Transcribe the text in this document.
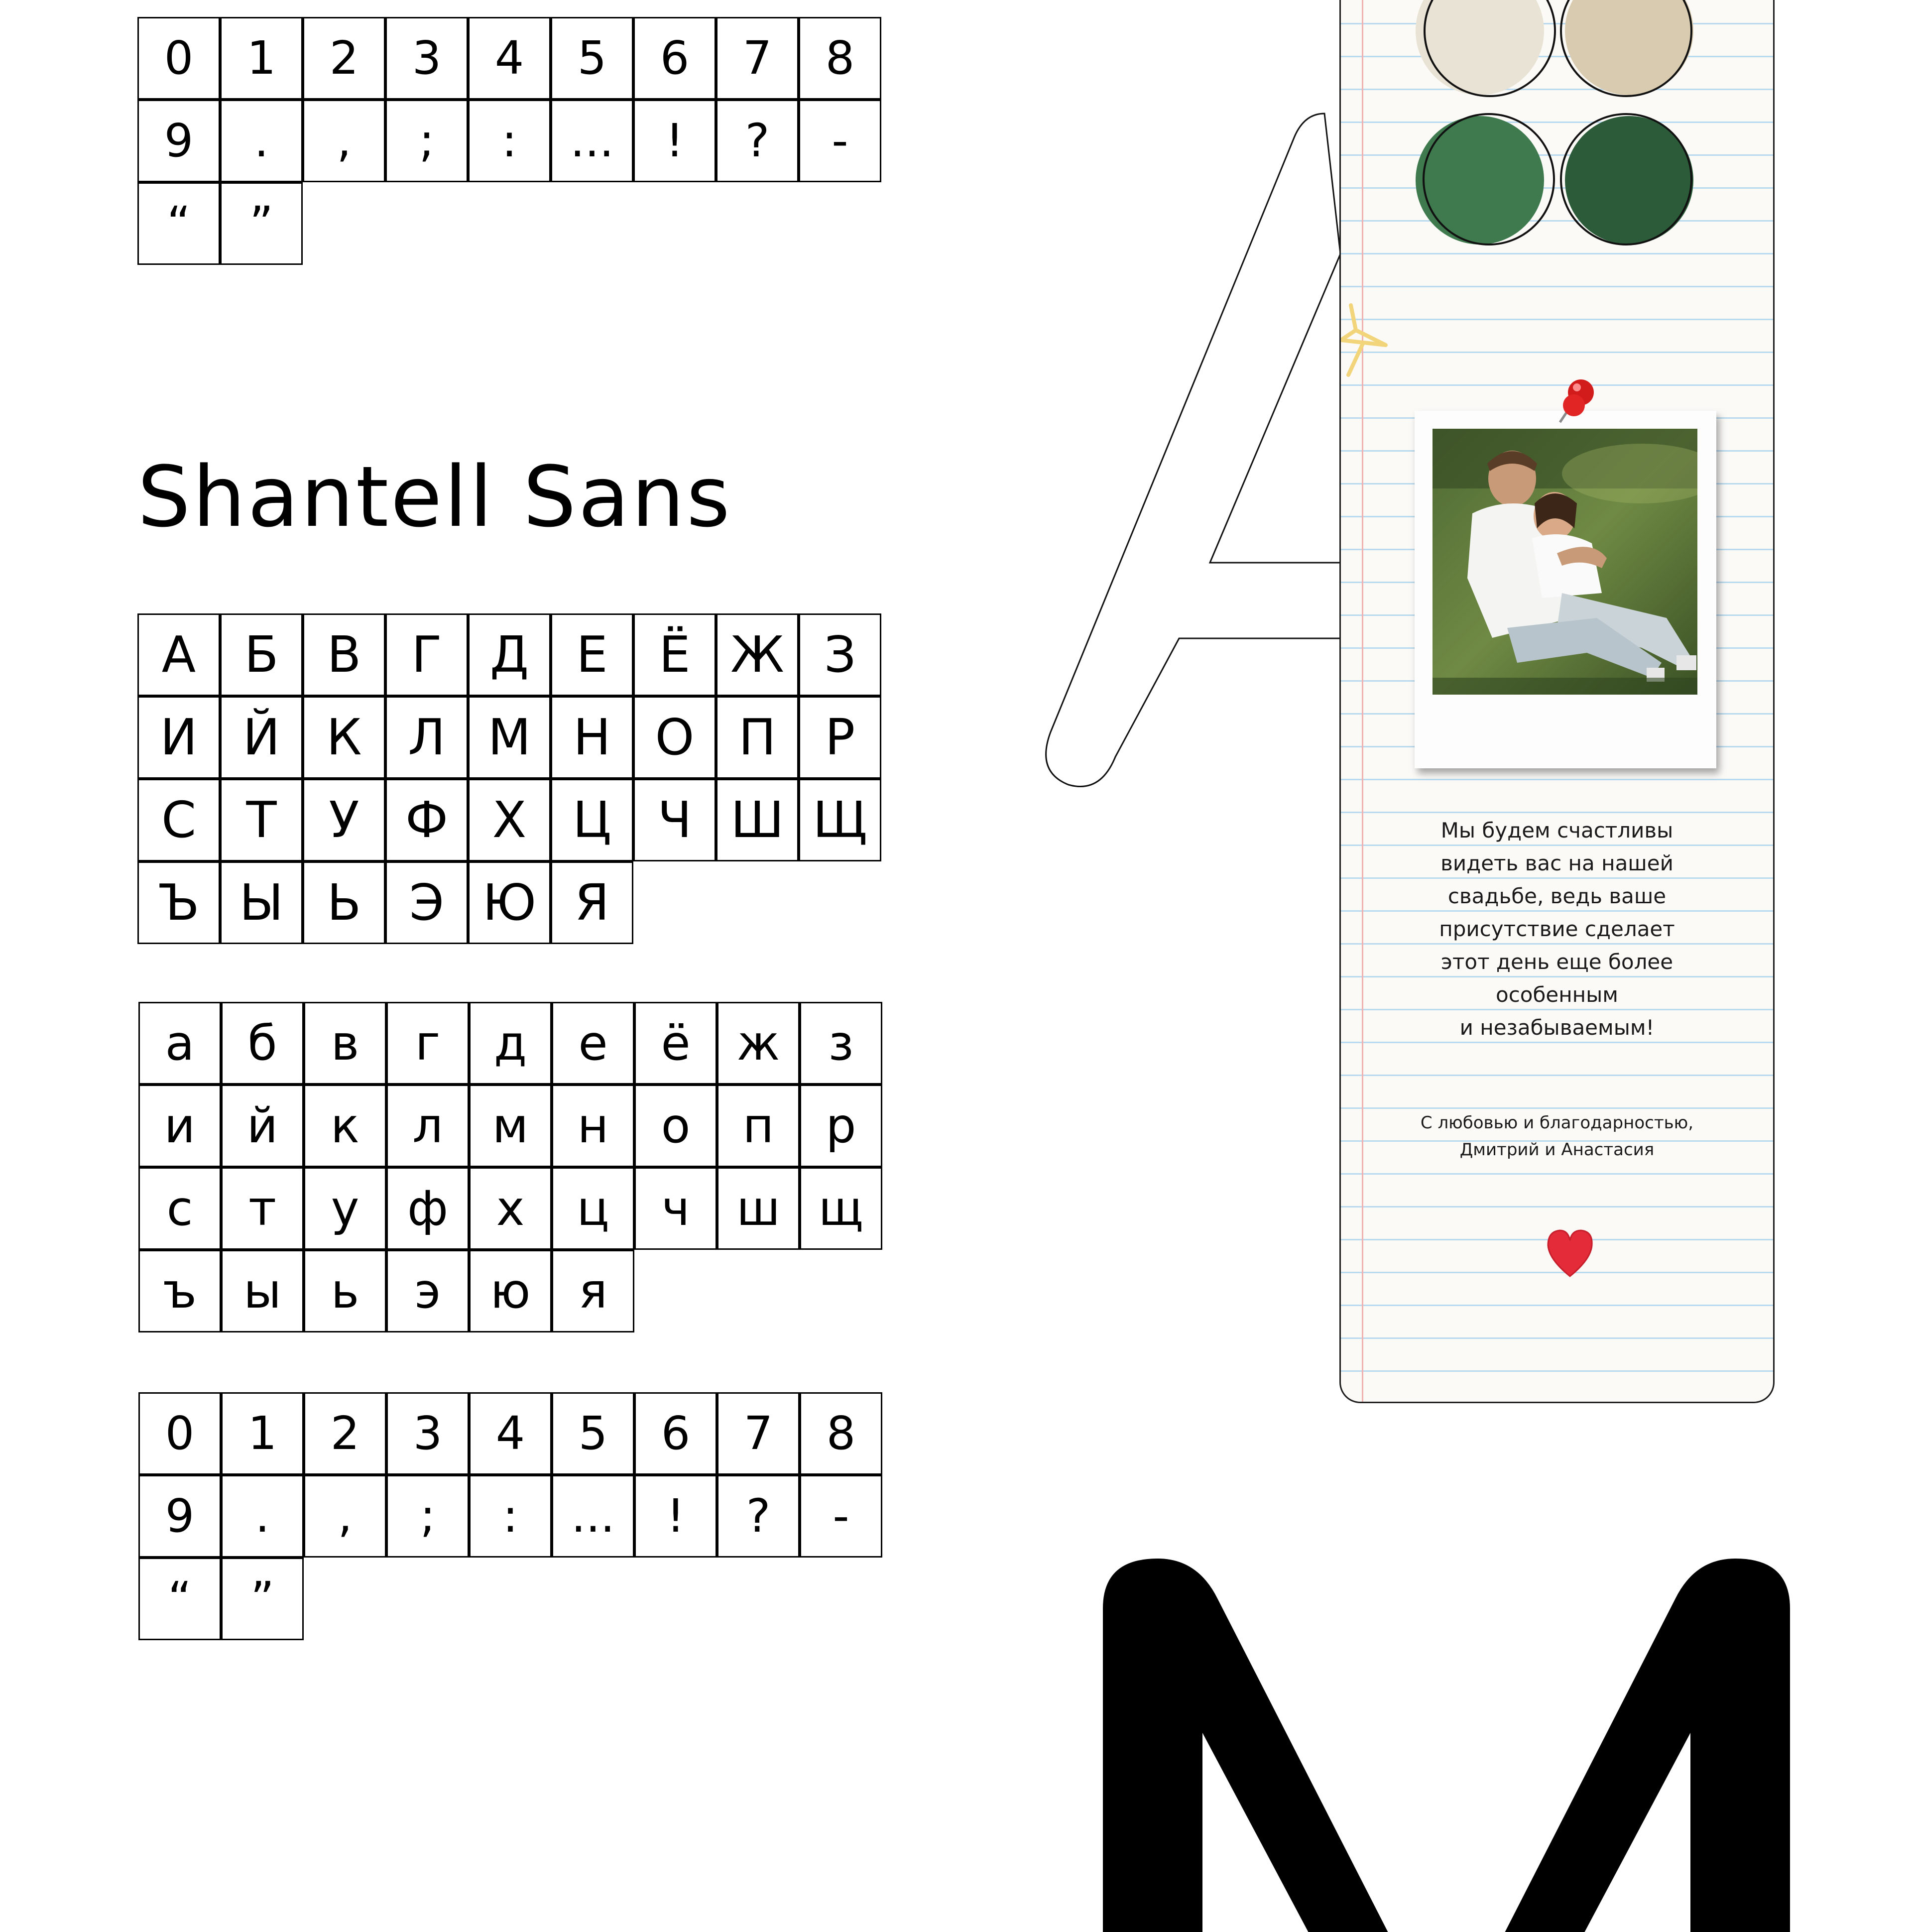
0	1	2	3	4	5	6	7	8
9	.	,	;	:	...	!	?	-
“	”
Shantell Sans
А Б В	Г Д Е	Ё Ж З
И Й К Л М Н О П Р
С	Т	У Ф Х Ц Ч Ш Щ
Ъ Ы Ь Э Ю Я
а	б	в	г	д	е	ё ж	з
и	й	к	л	м	н	о	п	р
с	т	у	ф	х	ц	ч ш щ
ъ ы	ь	э	ю	я
0	1	2	3	4	5	6	7	8
9	.	,	;	:	...	!	?	-
“	”
Мы будем счастливы
видеть вас на нашей
свадьбе, ведь ваше
присутствие сделает
этот день еще более
особенным
и незабываемым!
С любовью и благодарностью,
Дмитрий и Анастасия
